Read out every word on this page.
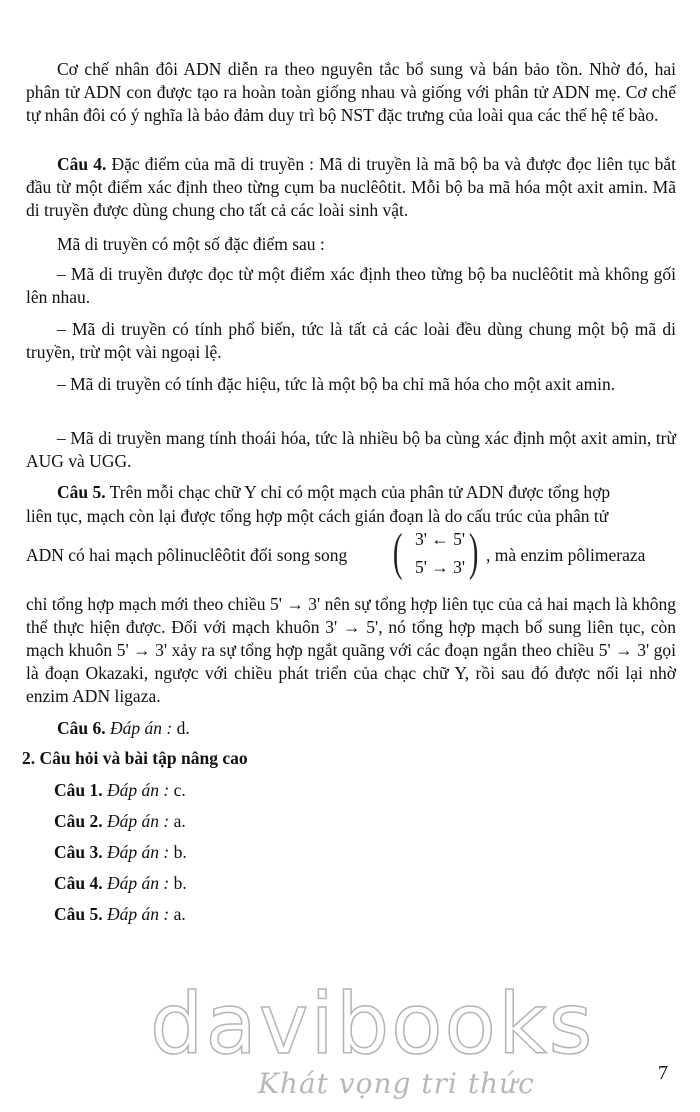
Cơ chế nhân đôi ADN diễn ra theo nguyên tắc bổ sung và bán bảo tồn. Nhờ đó, hai phân tử ADN con được tạo ra hoàn toàn giống nhau và giống với phân tử ADN mẹ. Cơ chế tự nhân đôi có ý nghĩa là bảo đảm duy trì bộ NST đặc trưng của loài qua các thế hệ tế bào.

Câu 4. Đặc điểm của mã di truyền : Mã di truyền là mã bộ ba và được đọc liên tục bắt đầu từ một điểm xác định theo từng cụm ba nuclêôtit. Mỗi bộ ba mã hóa một axit amin. Mã di truyền được dùng chung cho tất cả các loài sinh vật.

Mã di truyền có một số đặc điểm sau :

– Mã di truyền được đọc từ một điểm xác định theo từng bộ ba nuclêôtit mà không gối lên nhau.
– Mã di truyền có tính phổ biến, tức là tất cả các loài đều dùng chung một bộ mã di truyền, trừ một vài ngoại lệ.
– Mã di truyền có tính đặc hiệu, tức là một bộ ba chỉ mã hóa cho một axit amin.
– Mã di truyền mang tính thoái hóa, tức là nhiều bộ ba cùng xác định một axit amin, trừ AUG và UGG.
Câu 5. Trên mỗi chạc chữ Y chỉ có một mạch của phân tử ADN được tổng hợp
liên tục, mạch còn lại được tổng hợp một cách gián đoạn là do cấu trúc của phân tử
ADN có hai mạch pôlinuclêôtit đối song song ( 3' ← 5'
5' → 3' ) , mà enzim pôlimeraza

chỉ tổng hợp mạch mới theo chiều 5' → 3' nên sự tổng hợp liên tục của cả hai mạch là không thể thực hiện được. Đối với mạch khuôn 3' → 5', nó tổng hợp mạch bổ sung liên tục, còn mạch khuôn 5' → 3' xảy ra sự tổng hợp ngắt quãng với các đoạn ngắn theo chiều 5' → 3' gọi là đoạn Okazaki, ngược với chiều phát triển của chạc chữ Y, rồi sau đó được nối lại nhờ enzim ADN ligaza.

Câu 6. Đáp án : d.
2. Câu hỏi và bài tập nâng cao
Câu 1. Đáp án : c.
Câu 2. Đáp án : a.
Câu 3. Đáp án : b.
Câu 4. Đáp án : b.
Câu 5. Đáp án : a.
davibooks
Khát vọng tri thức	7
